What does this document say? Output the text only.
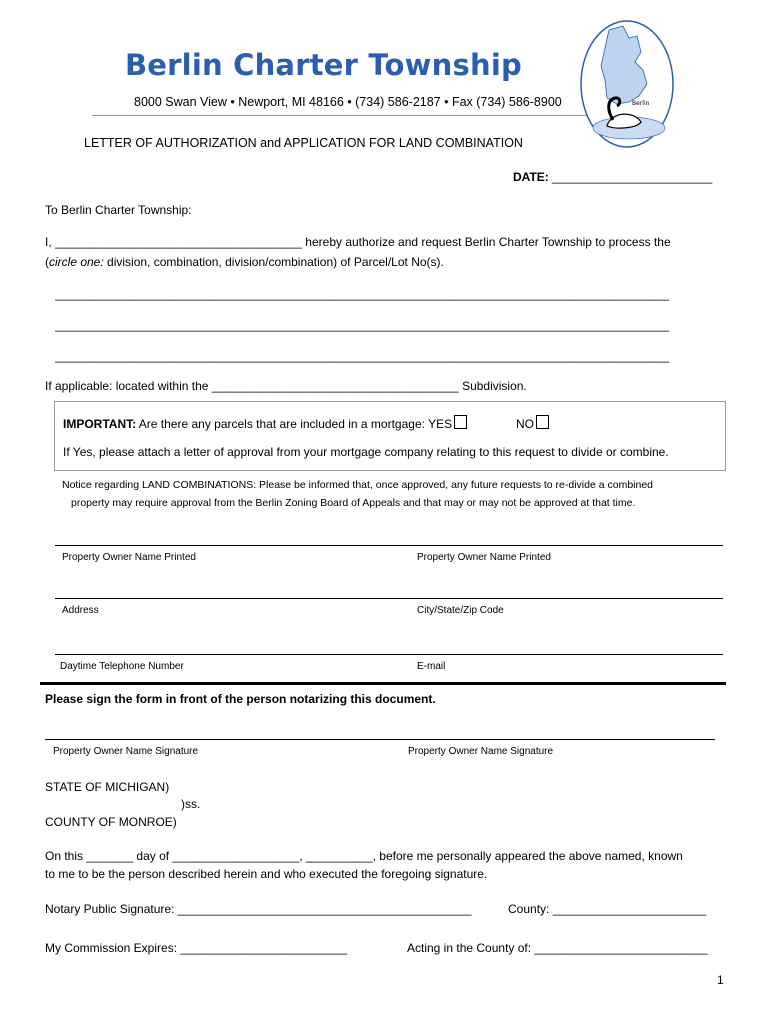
Berlin Charter Township
8000 Swan View • Newport, MI 48166 • (734) 586-2187 • Fax (734) 586-8900	Berlin
LETTER OF AUTHORIZATION and APPLICATION FOR LAND COMBINATION
DATE: ________________________
To Berlin Charter Township:
I, _____________________________________ hereby authorize and request Berlin Charter Township to process the
(circle one: division, combination, division/combination) of Parcel/Lot No(s).
____________________________________________________________________________________________
____________________________________________________________________________________________
____________________________________________________________________________________________
If applicable: located within the _____________________________________ Subdivision.
IMPORTANT: Are there any parcels that are included in a mortgage: YES	NO
If Yes, please attach a letter of approval from your mortgage company relating to this request to divide or combine.
Notice regarding LAND COMBINATIONS: Please be informed that, once approved, any future requests to re-divide a combined
property may require approval from the Berlin Zoning Board of Appeals and that may or may not be approved at that time.
Property Owner Name Printed	Property Owner Name Printed
Address	City/State/Zip Code
Daytime Telephone Number	E-mail
Please sign the form in front of the person notarizing this document.
Property Owner Name Signature	Property Owner Name Signature
STATE OF MICHIGAN)
)ss.
COUNTY OF MONROE)
On this _______ day of ___________________, __________, before me personally appeared the above named, known
to me to be the person described herein and who executed the foregoing signature.
Notary Public Signature: ____________________________________________	County: _______________________
My Commission Expires: _________________________	Acting in the County of: __________________________
1
